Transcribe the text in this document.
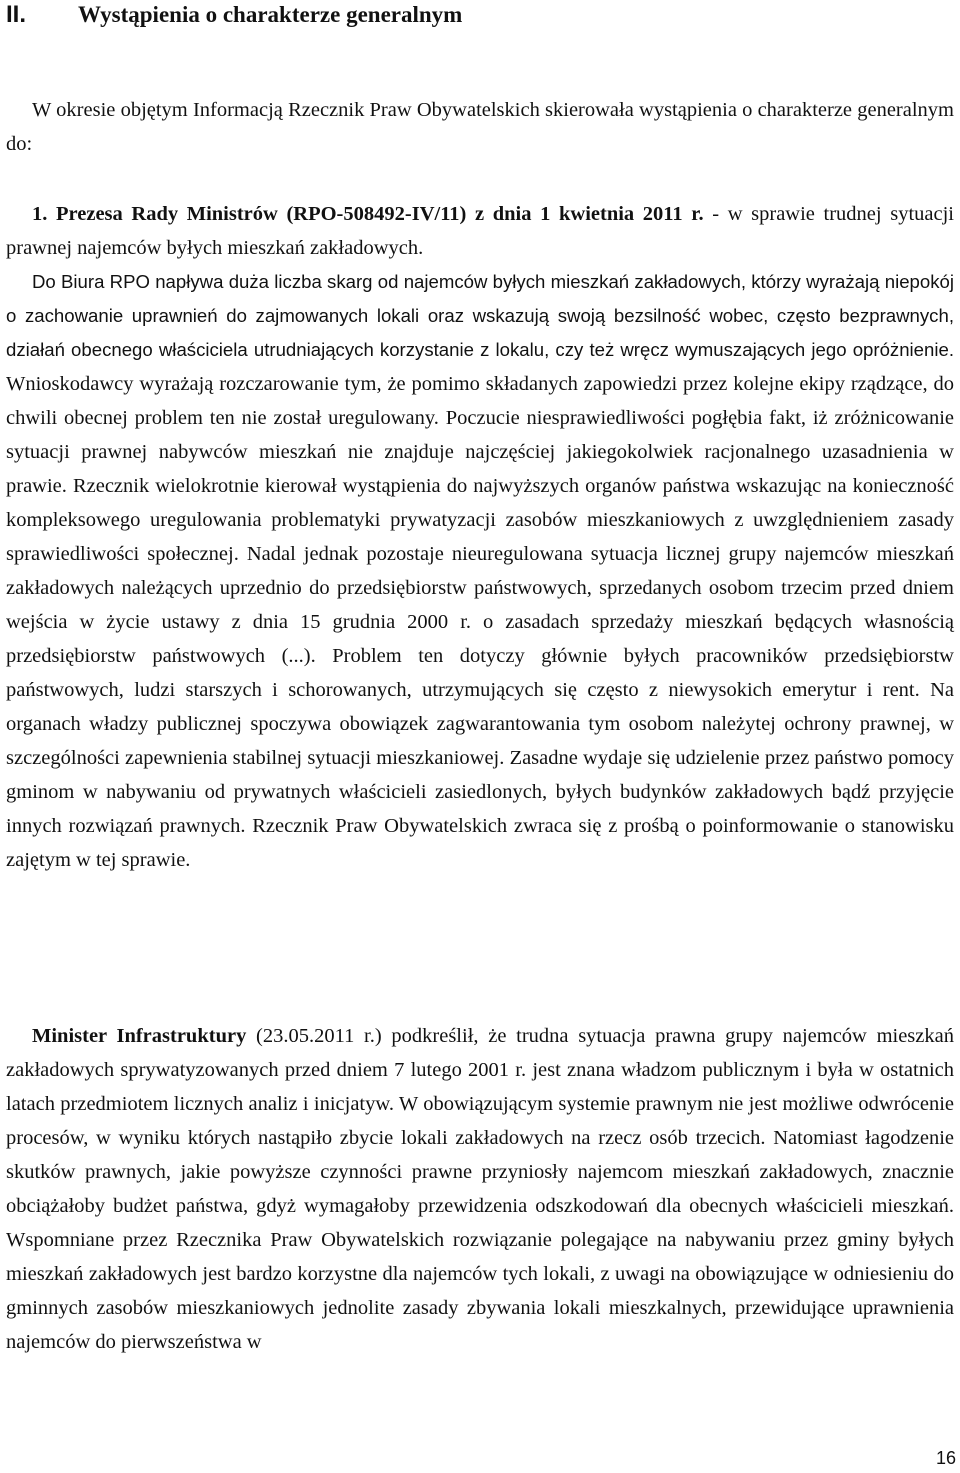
II. Wystąpienia o charakterze generalnym
W okresie objętym Informacją Rzecznik Praw Obywatelskich skierowała wystąpienia o charakterze generalnym do:
1. Prezesa Rady Ministrów (RPO-508492-IV/11) z dnia 1 kwietnia 2011 r. - w sprawie trudnej sytuacji prawnej najemców byłych mieszkań zakładowych.
Do Biura RPO napływa duża liczba skarg od najemców byłych mieszkań zakładowych, którzy wyrażają niepokój o zachowanie uprawnień do zajmowanych lokali oraz wskazują swoją bezsilność wobec, często bezprawnych, działań obecnego właściciela utrudniających korzystanie z lokalu, czy też wręcz wymuszających jego opróżnienie. Wnioskodawcy wyrażają rozczarowanie tym, że pomimo składanych zapowiedzi przez kolejne ekipy rządzące, do chwili obecnej problem ten nie został uregulowany. Poczucie niesprawiedliwości pogłębia fakt, iż zróżnicowanie sytuacji prawnej nabywców mieszkań nie znajduje najczęściej jakiegokolwiek racjonalnego uzasadnienia w prawie. Rzecznik wielokrotnie kierował wystąpienia do najwyższych organów państwa wskazując na konieczność kompleksowego uregulowania problematyki prywatyzacji zasobów mieszkaniowych z uwzględnieniem zasady sprawiedliwości społecznej. Nadal jednak pozostaje nieuregulowana sytuacja licznej grupy najemców mieszkań zakładowych należących uprzednio do przedsiębiorstw państwowych, sprzedanych osobom trzecim przed dniem wejścia w życie ustawy z dnia 15 grudnia 2000 r. o zasadach sprzedaży mieszkań będących własnością przedsiębiorstw państwowych (...). Problem ten dotyczy głównie byłych pracowników przedsiębiorstw państwowych, ludzi starszych i schorowanych, utrzymujących się często z niewysokich emerytur i rent. Na organach władzy publicznej spoczywa obowiązek zagwarantowania tym osobom należytej ochrony prawnej, w szczególności zapewnienia stabilnej sytuacji mieszkaniowej. Zasadne wydaje się udzielenie przez państwo pomocy gminom w nabywaniu od prywatnych właścicieli zasiedlonych, byłych budynków zakładowych bądź przyjęcie innych rozwiązań prawnych. Rzecznik Praw Obywatelskich zwraca się z prośbą o poinformowanie o stanowisku zajętym w tej sprawie.
Minister Infrastruktury (23.05.2011 r.) podkreślił, że trudna sytuacja prawna grupy najemców mieszkań zakładowych sprywatyzowanych przed dniem 7 lutego 2001 r. jest znana władzom publicznym i była w ostatnich latach przedmiotem licznych analiz i inicjatyw. W obowiązującym systemie prawnym nie jest możliwe odwrócenie procesów, w wyniku których nastąpiło zbycie lokali zakładowych na rzecz osób trzecich. Natomiast łagodzenie skutków prawnych, jakie powyższe czynności prawne przyniosły najemcom mieszkań zakładowych, znacznie obciążałoby budżet państwa, gdyż wymagałoby przewidzenia odszkodowań dla obecnych właścicieli mieszkań. Wspomniane przez Rzecznika Praw Obywatelskich rozwiązanie polegające na nabywaniu przez gminy byłych mieszkań zakładowych jest bardzo korzystne dla najemców tych lokali, z uwagi na obowiązujące w odniesieniu do gminnych zasobów mieszkaniowych jednolite zasady zbywania lokali mieszkalnych, przewidujące uprawnienia najemców do pierwszeństwa w
16
